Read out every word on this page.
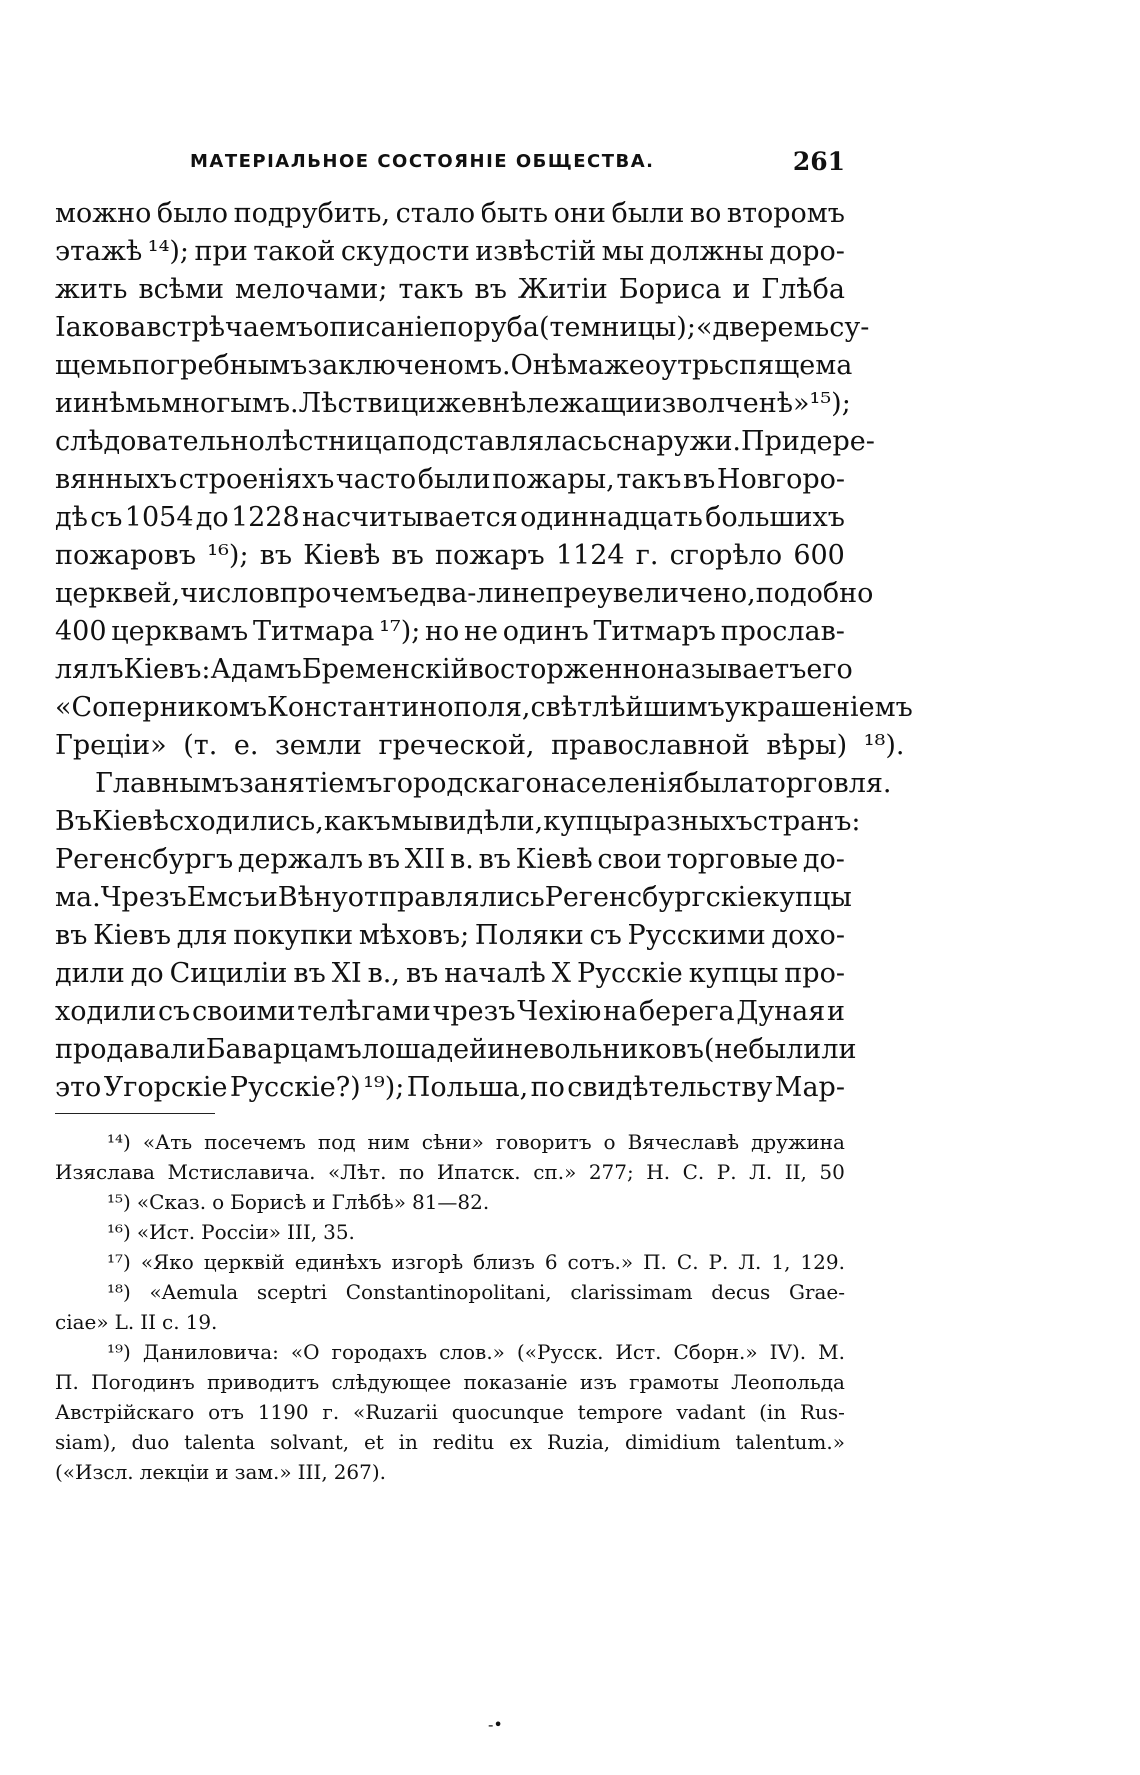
МАТЕРІАЛЬНОЕ СОСТОЯНІЕ ОБЩЕСТВА.	261
можно было подрубить, стало быть они были во второмъ
этажѣ ¹⁴); при такой скудости извѣстій мы должны доро-
жить всѣми мелочами; такъ въ Житіи Бориса и Глѣба
Іакова встрѣчаемъ описаніе поруба (темницы); «дверемь су-
щемь погребнымъ заключеномъ. Онѣма же оутрь спящема
и инѣмь многымъ. Лѣствици же внѣ лежащи изволченѣ» ¹⁵);
слѣдовательно лѣстница подставлялась снаружи. При дере-
вянныхъ строеніяхъ часто были пожары, такъ въ Новгоро-
дѣ съ 1054 до 1228 насчитывается одиннадцать большихъ
пожаровъ ¹⁶); въ Кіевѣ въ пожаръ 1124 г. сгорѣло 600
церквей, число впрочемъ едва-ли не преувеличено, подобно
400 церквамъ Титмара ¹⁷); но не одинъ Титмаръ прослав-
лялъ Кіевъ: Адамъ Бременскій восторженно называетъ его
«Соперникомъ Константинополя, свѣтлѣйшимъ украшеніемъ
Греціи» (т. е. земли греческой, православной вѣры) ¹⁸).
Главнымъ занятіемъ городскаго населенія была торговля.
Въ Кіевѣ сходились, какъ мы видѣли, купцы разныхъ странъ:
Регенсбургъ держалъ въ XII в. въ Кіевѣ свои торговые до-
ма. Чрезъ Емсъ и Вѣну отправлялись Регенсбургскіе купцы
въ Кіевъ для покупки мѣховъ; Поляки съ Русскими дохо-
дили до Сициліи въ XI в., въ началѣ X Русскіе купцы про-
ходили съ своими телѣгами чрезъ Чехію на берега Дуная и
продавали Баварцамъ лошадей и невольниковъ (не были ли
это Угорскіе Русскіе?) ¹⁹); Польша, по свидѣтельству Мар-
¹⁴) «Ать посечемъ под ним сѣни» говоритъ о Вячеславѣ дружина
Изяслава Мстиславича. «Лѣт. по Ипатск. сп.» 277; Н. С. Р. Л. II, 50
¹⁵) «Сказ. о Борисѣ и Глѣбѣ» 81—82.
¹⁶) «Ист. Россіи» III, 35.
¹⁷) «Яко церквій единѣхъ изгорѣ близъ 6 сотъ.» П. С. Р. Л. 1, 129.
¹⁸) «Aemula sceptri Constantinopolitani, clarissimam decus Grae-
ciae» L. II c. 19.
¹⁹) Даниловича: «О городахъ слов.» («Русск. Ист. Сборн.» IV). М.
П. Погодинъ приводитъ слѣдующее показаніе изъ грамоты Леопольда
Австрійскаго отъ 1190 г. «Ruzarii quocunque tempore vadant (in Rus-
siam), duo talenta solvant, et in reditu ex Ruzia, dimidium talentum.»
(«Изсл. лекціи и зам.» III, 267).
-•
